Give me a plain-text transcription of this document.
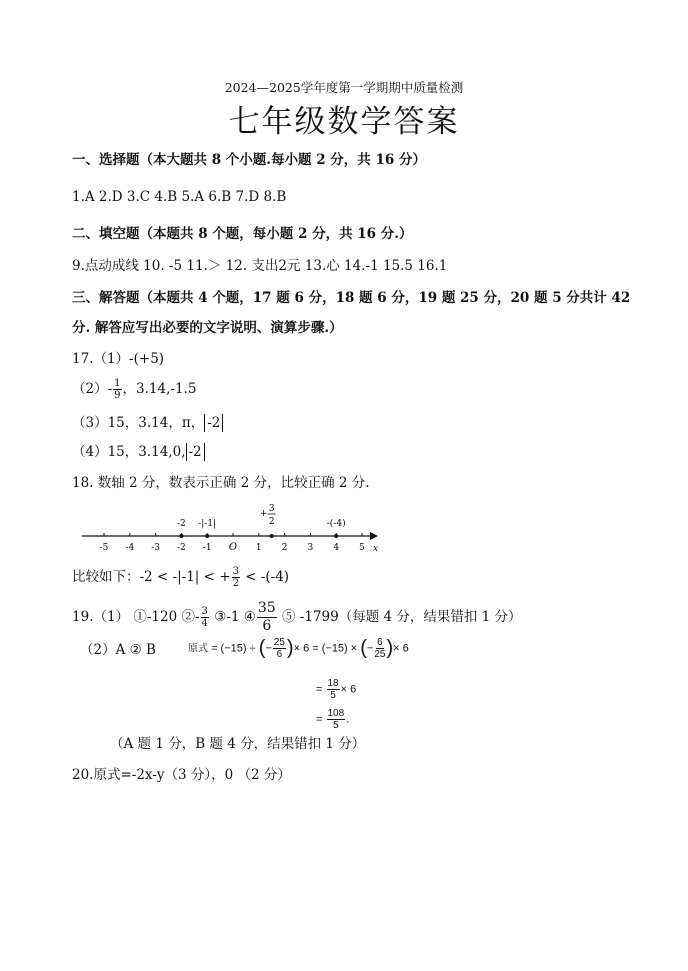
2024—2025学年度第一学期期中质量检测
七年级数学答案
一、选择题（本大题共 8 个小题.每小题 2 分，共 16 分）
1.A 2.D 3.C 4.B 5.A 6.B 7.D 8.B
二、填空题（本题共 8 个题，每小题 2 分，共 16 分.）
9.点动成线 10. -5 11.＞ 12. 支出2元 13.心 14.-1 15.5 16.1
三、解答题（本题共 4 个题，17 题 6 分，18 题 6 分，19 题 25 分，20 题 5 分共计 42
分. 解答应写出必要的文字说明、演算步骤.）
17.（1）-(+5)
$(2)- \frac{1}{9}$ ，3.14,-1.5
（3）15，3.14，π， -2
（4）15，3.14,0, -2
18. 数轴 2 分，数表示正确 2 分，比较正确 2 分.
x
-5 -4 -3 -2 -1 O 1 2 3 4 5
-2 -|-1|	-(-4)
+ 3
2
比较如下：-2 < -|-1| < + $\frac{3}{2} < -(-4)$
19.（1） ①-120 ②- $\frac{3}{4}$ ③-1 ④ $\frac{35}{6}$ ⑤ -1799（每题 4 分，结果错扣 1 分）
（2）A ② B	原式 = (−15) ÷ (− $\frac{25}{6}$ )× 6 = (−15) × (− $\frac{6}{25}$ )× 6
= $\frac{18}{5} \times 6$
= $\frac{108}{5}$ .
（A 题 1 分，B 题 4 分，结果错扣 1 分）
20.原式=-2x-y（3 分），0 （2 分）
